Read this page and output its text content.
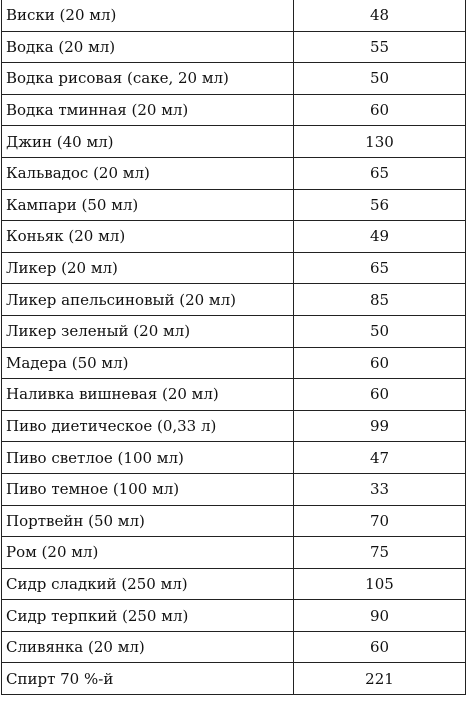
Виски (20 мл)	48
Водка (20 мл)	55
Водка рисовая (саке, 20 мл)	50
Водка тминная (20 мл)	60
Джин (40 мл)	130
Кальвадос (20 мл)	65
Кампари (50 мл)	56
Коньяк (20 мл)	49
Ликер (20 мл)	65
Ликер апельсиновый (20 мл)	85
Ликер зеленый (20 мл)	50
Мадера (50 мл)	60
Наливка вишневая (20 мл)	60
Пиво диетическое (0,33 л)	99
Пиво светлое (100 мл)	47
Пиво темное (100 мл)	33
Портвейн (50 мл)	70
Ром (20 мл)	75
Сидр сладкий (250 мл)	105
Сидр терпкий (250 мл)	90
Сливянка (20 мл)	60
Спирт 70 %-й	221
